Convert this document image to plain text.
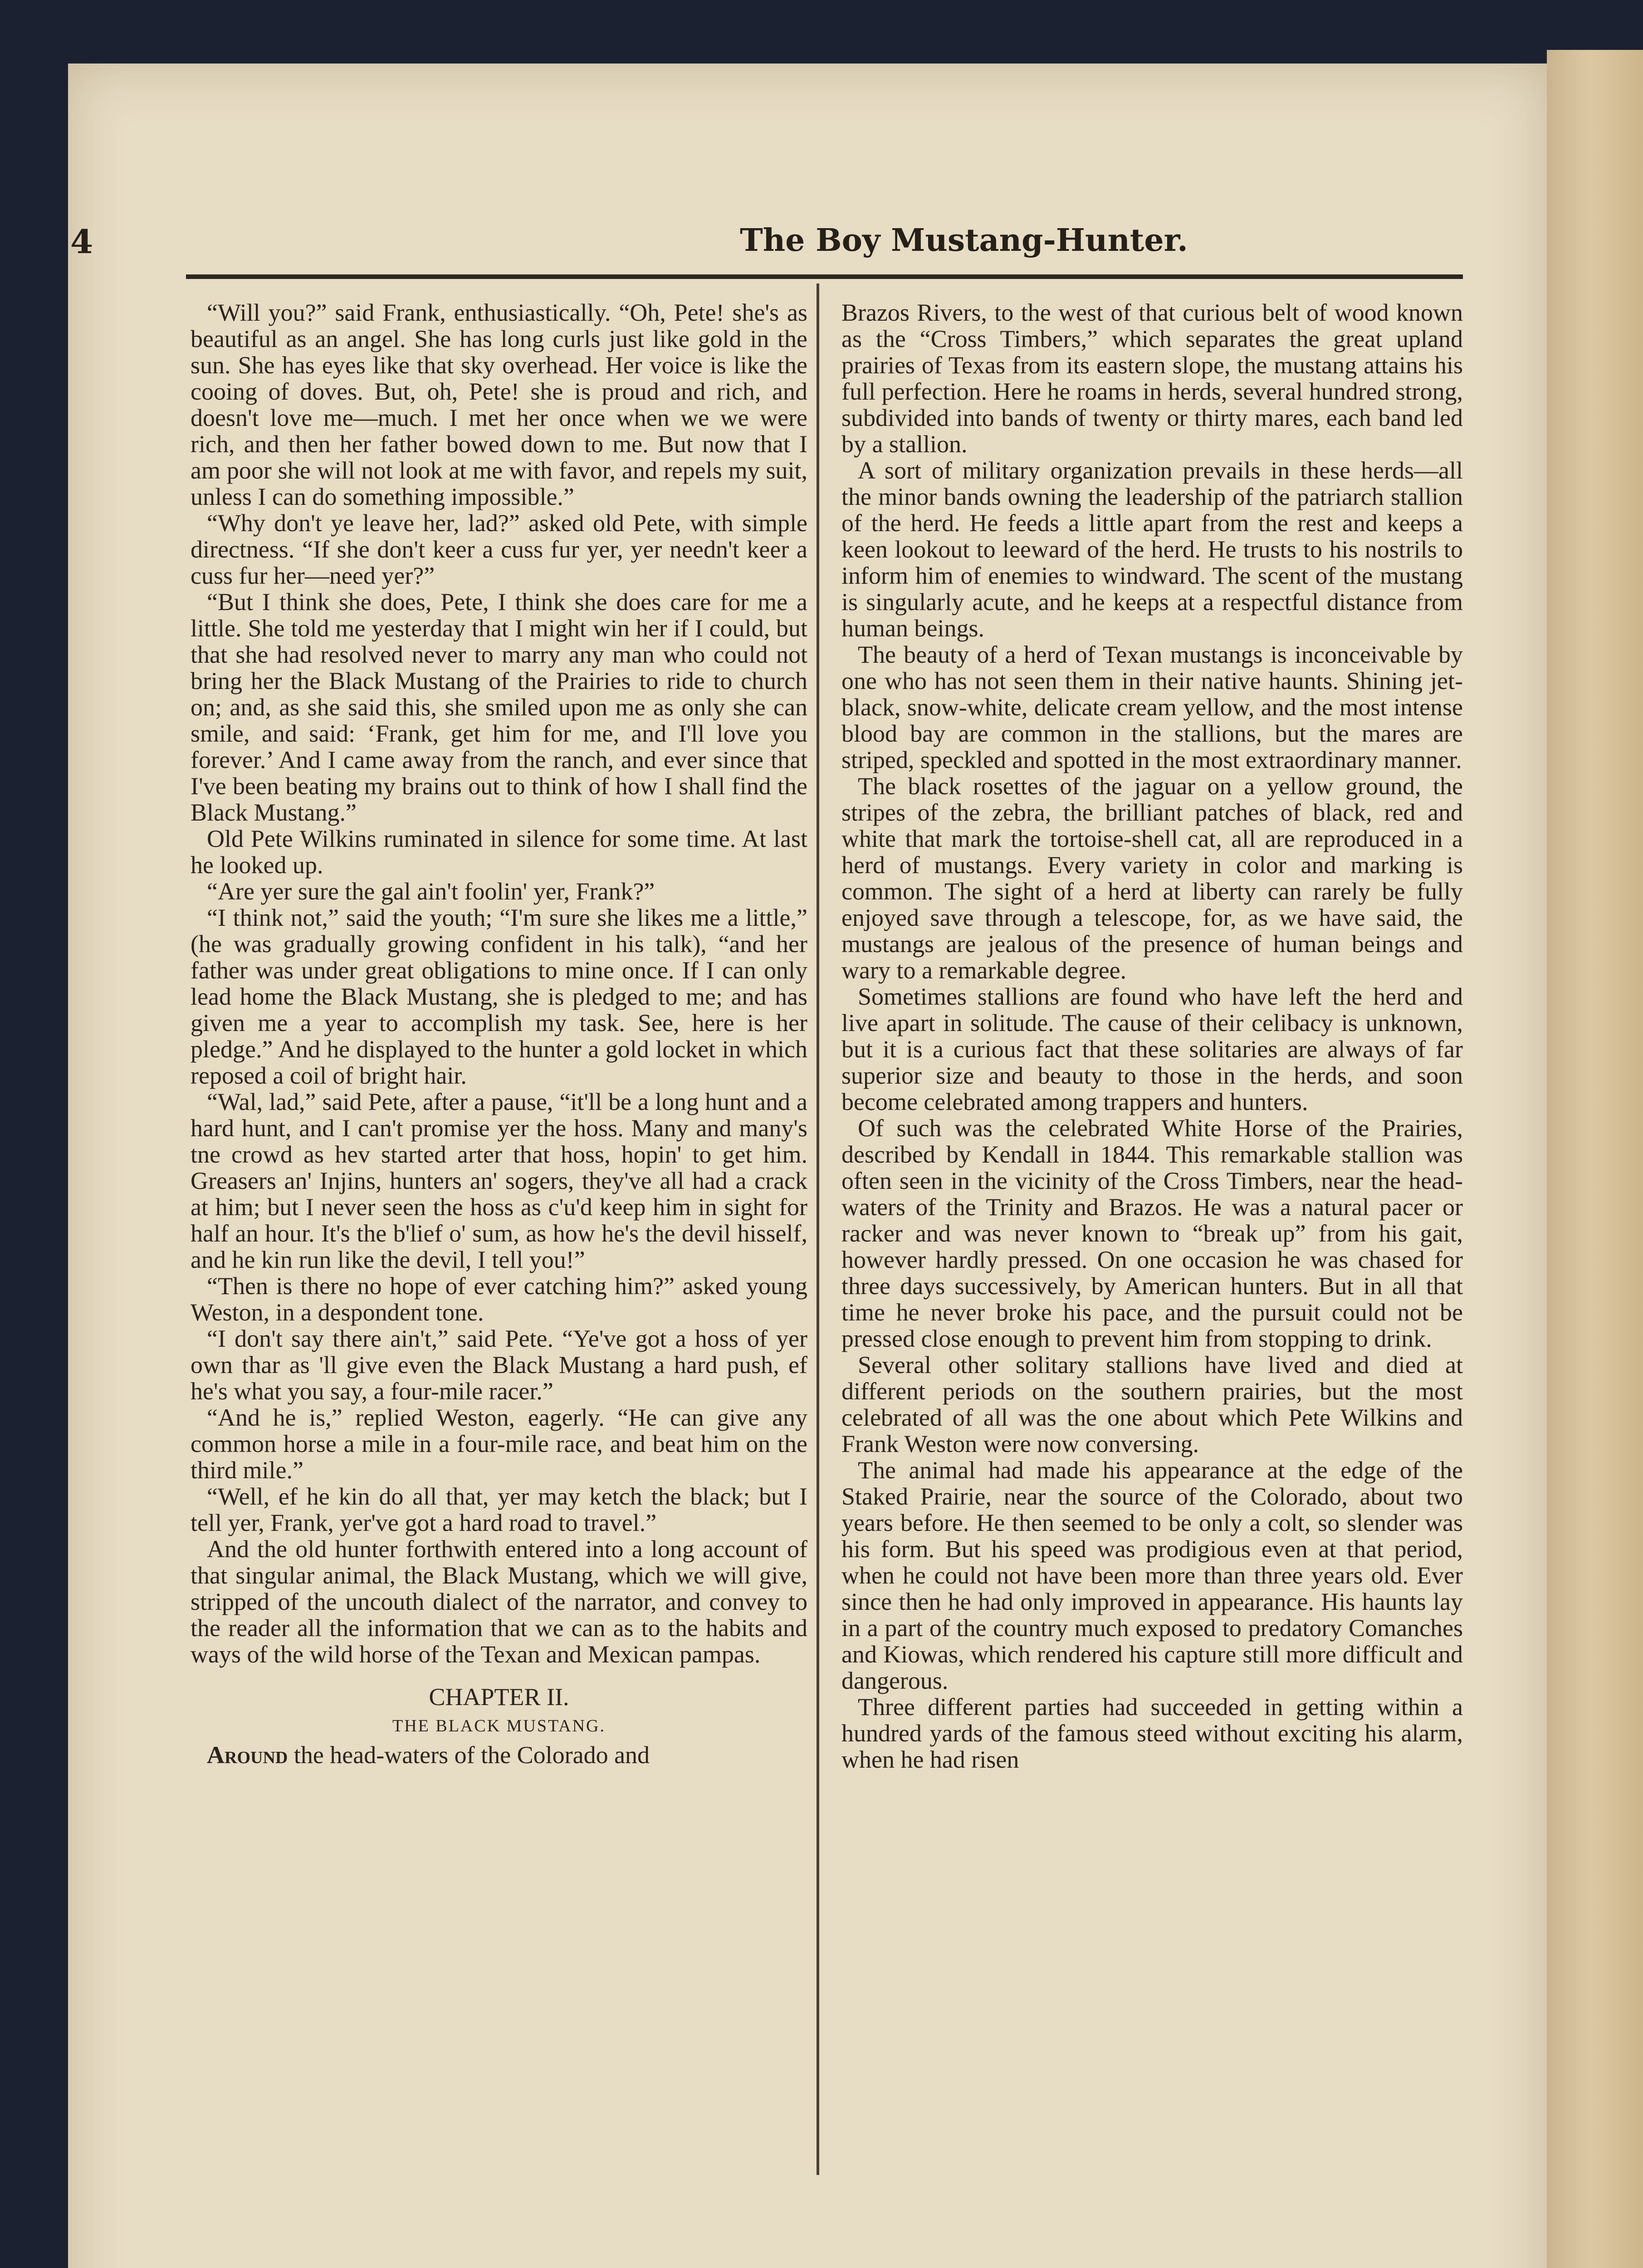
4	The Boy Mustang-Hunter.

“Will you?” said Frank, enthusiastically. “Oh, Pete! she's as beautiful as an angel. She has long curls just like gold in the sun. She has eyes like that sky overhead. Her voice is like the cooing of doves. But, oh, Pete! she is proud and rich, and doesn't love me—much. I met her once when we we were rich, and then her father bowed down to me. But now that I am poor she will not look at me with favor, and repels my suit, unless I can do something impossible.”

“Why don't ye leave her, lad?” asked old Pete, with simple directness. “If she don't keer a cuss fur yer, yer needn't keer a cuss fur her—need yer?”

“But I think she does, Pete, I think she does care for me a little. She told me yesterday that I might win her if I could, but that she had resolved never to marry any man who could not bring her the Black Mustang of the Prairies to ride to church on; and, as she said this, she smiled upon me as only she can smile, and said: ‘Frank, get him for me, and I'll love you forever.’ And I came away from the ranch, and ever since that I've been beating my brains out to think of how I shall find the Black Mustang.”

Old Pete Wilkins ruminated in silence for some time. At last he looked up.

“Are yer sure the gal ain't foolin' yer, Frank?”

“I think not,” said the youth; “I'm sure she likes me a little,” (he was gradually growing confident in his talk), “and her father was under great obligations to mine once. If I can only lead home the Black Mustang, she is pledged to me; and has given me a year to accomplish my task. See, here is her pledge.” And he displayed to the hunter a gold locket in which reposed a coil of bright hair.

“Wal, lad,” said Pete, after a pause, “it'll be a long hunt and a hard hunt, and I can't promise yer the hoss. Many and many's tne crowd as hev started arter that hoss, hopin' to get him. Greasers an' Injins, hunters an' sogers, they've all had a crack at him; but I never seen the hoss as c'u'd keep him in sight for half an hour. It's the b'lief o' sum, as how he's the devil hisself, and he kin run like the devil, I tell you!”

“Then is there no hope of ever catching him?” asked young Weston, in a despondent tone.

“I don't say there ain't,” said Pete. “Ye've got a hoss of yer own thar as 'll give even the Black Mustang a hard push, ef he's what you say, a four-mile racer.”

“And he is,” replied Weston, eagerly. “He can give any common horse a mile in a four-mile race, and beat him on the third mile.”

“Well, ef he kin do all that, yer may ketch the black; but I tell yer, Frank, yer've got a hard road to travel.”

And the old hunter forthwith entered into a long account of that singular animal, the Black Mustang, which we will give, stripped of the uncouth dialect of the narrator, and convey to the reader all the information that we can as to the habits and ways of the wild horse of the Texan and Mexican pampas.

CHAPTER II.
THE BLACK MUSTANG.

Around the head-waters of the Colorado and

Brazos Rivers, to the west of that curious belt of wood known as the “Cross Timbers,” which separates the great upland prairies of Texas from its eastern slope, the mustang attains his full perfection. Here he roams in herds, several hundred strong, subdivided into bands of twenty or thirty mares, each band led by a stallion.

A sort of military organization prevails in these herds—all the minor bands owning the leadership of the patriarch stallion of the herd. He feeds a little apart from the rest and keeps a keen lookout to leeward of the herd. He trusts to his nostrils to inform him of enemies to windward. The scent of the mustang is singularly acute, and he keeps at a respectful distance from human beings.

The beauty of a herd of Texan mustangs is inconceivable by one who has not seen them in their native haunts. Shining jet-black, snow-white, delicate cream yellow, and the most intense blood bay are common in the stallions, but the mares are striped, speckled and spotted in the most extraordinary manner.

The black rosettes of the jaguar on a yellow ground, the stripes of the zebra, the brilliant patches of black, red and white that mark the tortoise-shell cat, all are reproduced in a herd of mustangs. Every variety in color and marking is common. The sight of a herd at liberty can rarely be fully enjoyed save through a telescope, for, as we have said, the mustangs are jealous of the presence of human beings and wary to a remarkable degree.

Sometimes stallions are found who have left the herd and live apart in solitude. The cause of their celibacy is unknown, but it is a curious fact that these solitaries are always of far superior size and beauty to those in the herds, and soon become celebrated among trappers and hunters.

Of such was the celebrated White Horse of the Prairies, described by Kendall in 1844. This remarkable stallion was often seen in the vicinity of the Cross Timbers, near the head-waters of the Trinity and Brazos. He was a natural pacer or racker and was never known to “break up” from his gait, however hardly pressed. On one occasion he was chased for three days successively, by American hunters. But in all that time he never broke his pace, and the pursuit could not be pressed close enough to prevent him from stopping to drink.

Several other solitary stallions have lived and died at different periods on the southern prairies, but the most celebrated of all was the one about which Pete Wilkins and Frank Weston were now conversing.

The animal had made his appearance at the edge of the Staked Prairie, near the source of the Colorado, about two years before. He then seemed to be only a colt, so slender was his form. But his speed was prodigious even at that period, when he could not have been more than three years old. Ever since then he had only improved in appearance. His haunts lay in a part of the country much exposed to predatory Comanches and Kiowas, which rendered his capture still more difficult and dangerous.

Three different parties had succeeded in getting within a hundred yards of the famous steed without exciting his alarm, when he had risen
